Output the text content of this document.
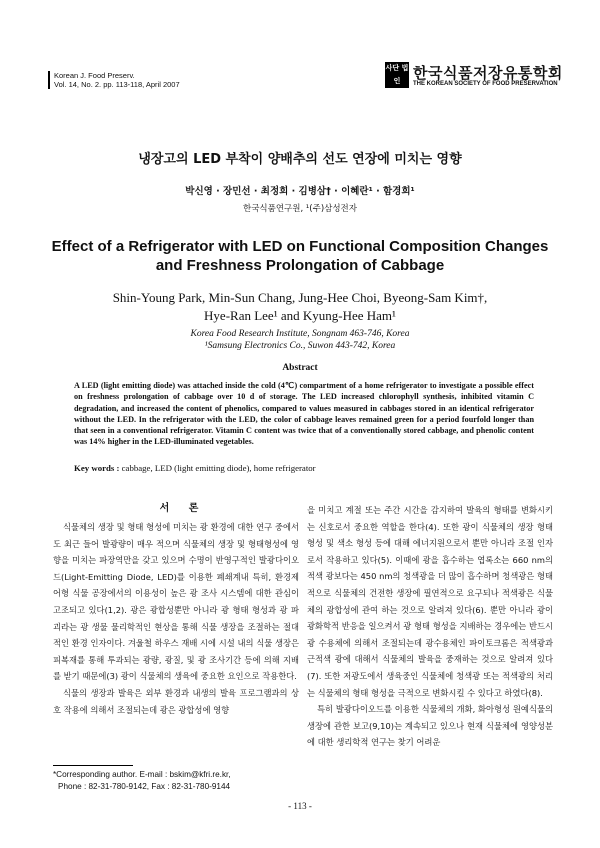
Korean J. Food Preserv.
Vol. 14, No. 2. pp. 113-118, April 2007
사단 법인 한국식품저장유통학회
THE KOREAN SOCIETY OF FOOD PRESERVATION
냉장고의 LED 부착이 양배추의 선도 연장에 미치는 영향
박신영 · 장민선 · 최정희 · 김병삼† · 이혜란¹ · 함경희¹
한국식품연구원, ¹(주)삼성전자
Effect of a Refrigerator with LED on Functional Composition Changes
and Freshness Prolongation of Cabbage
Shin-Young Park, Min-Sun Chang, Jung-Hee Choi, Byeong-Sam Kim†,
Hye-Ran Lee¹ and Kyung-Hee Ham¹
Korea Food Research Institute, Songnam 463-746, Korea
¹Samsung Electronics Co., Suwon 443-742, Korea
Abstract
A LED (light emitting diode) was attached inside the cold (4℃) compartment of a home refrigerator to investigate a possible effect on freshness prolongation of cabbage over 10 d of storage. The LED increased chlorophyll synthesis, inhibited vitamin C degradation, and increased the content of phenolics, compared to values measured in cabbages stored in an identical refrigerator without the LED. In the refrigerator with the LED, the color of cabbage leaves remained green for a period fourfold longer than that seen in a conventional refrigerator. Vitamin C content was twice that of a conventionally stored cabbage, and phenolic content was 14% higher in the LED-illuminated vegetables.
Key words : cabbage, LED (light emitting diode), home refrigerator
서 론

식물체의 생장 및 형태 형성에 미치는 광 환경에 대한 연구 중에서도 최근 들어 발광량이 매우 적으며 식물체의 생장 및 형태형성에 영향을 미치는 파장역만을 갖고 있으며 수명이 반영구적인 발광다이오드(Light-Emitting Diode, LED)를 이용한 폐쇄계내 특히, 환경제어형 식물 공장에서의 이용성이 높은 광 조사 시스템에 대한 관심이 고조되고 있다(1,2). 광은 광합성뿐만 아니라 광 형태 형성과 광 파괴라는 광 생물 물리학적인 현상을 통해 식물 생장을 조절하는 절대적인 환경 인자이다. 겨울철 하우스 재배 시에 시설 내의 식물 생장은 피복재를 통해 투과되는 광량, 광질, 및 광 조사기간 등에 의해 지배를 받기 때문에(3) 광이 식물체의 생육에 중요한 요인으로 작용한다.

식물의 생장과 발육은 외부 환경과 내생의 발육 프로그램과의 상호 작용에 의해서 조절되는데 광은 광합성에 영향

을 미치고 계절 또는 주간 시간을 감지하여 발육의 형태를 변화시키는 신호로서 중요한 역할을 한다(4). 또한 광이 식물체의 생장 형태 형성 및 색소 형성 등에 대해 에너지원으로서 뿐만 아니라 조절 인자로서 작용하고 있다(5). 이때에 광을 흡수하는 엽록소는 660 nm의 적색 광보다는 450 nm의 청색광을 더 많이 흡수하며 청색광은 형태적으로 식물체의 건전한 생장에 필연적으로 요구되나 적색광은 식물체의 광합성에 관여 하는 것으로 알려져 있다(6). 뿐만 아니라 광이 광화학적 반응을 일으켜서 광 형태 형성을 지배하는 경우에는 반드시 광 수용체에 의해서 조절되는데 광수용체인 파이토크롬은 적색광과 근적색 광에 대해서 식물체의 발육을 중재하는 것으로 알려져 있다(7). 또한 저광도에서 생육중인 식물체에 청색광 또는 적색광의 처리는 식물체의 형태 형성을 극적으로 변화시킬 수 있다고 하였다(8).

특히 발광다이오드를 이용한 식물체의 개화, 화아형성 원예식물의 생장에 관한 보고(9,10)는 계속되고 있으나 현재 식물체에 영양성분에 대한 생리학적 연구는 찾기 어려운

*Corresponding author. E-mail : bskim@kfri.re.kr,
Phone : 82-31-780-9142, Fax : 82-31-780-9144
- 113 -
